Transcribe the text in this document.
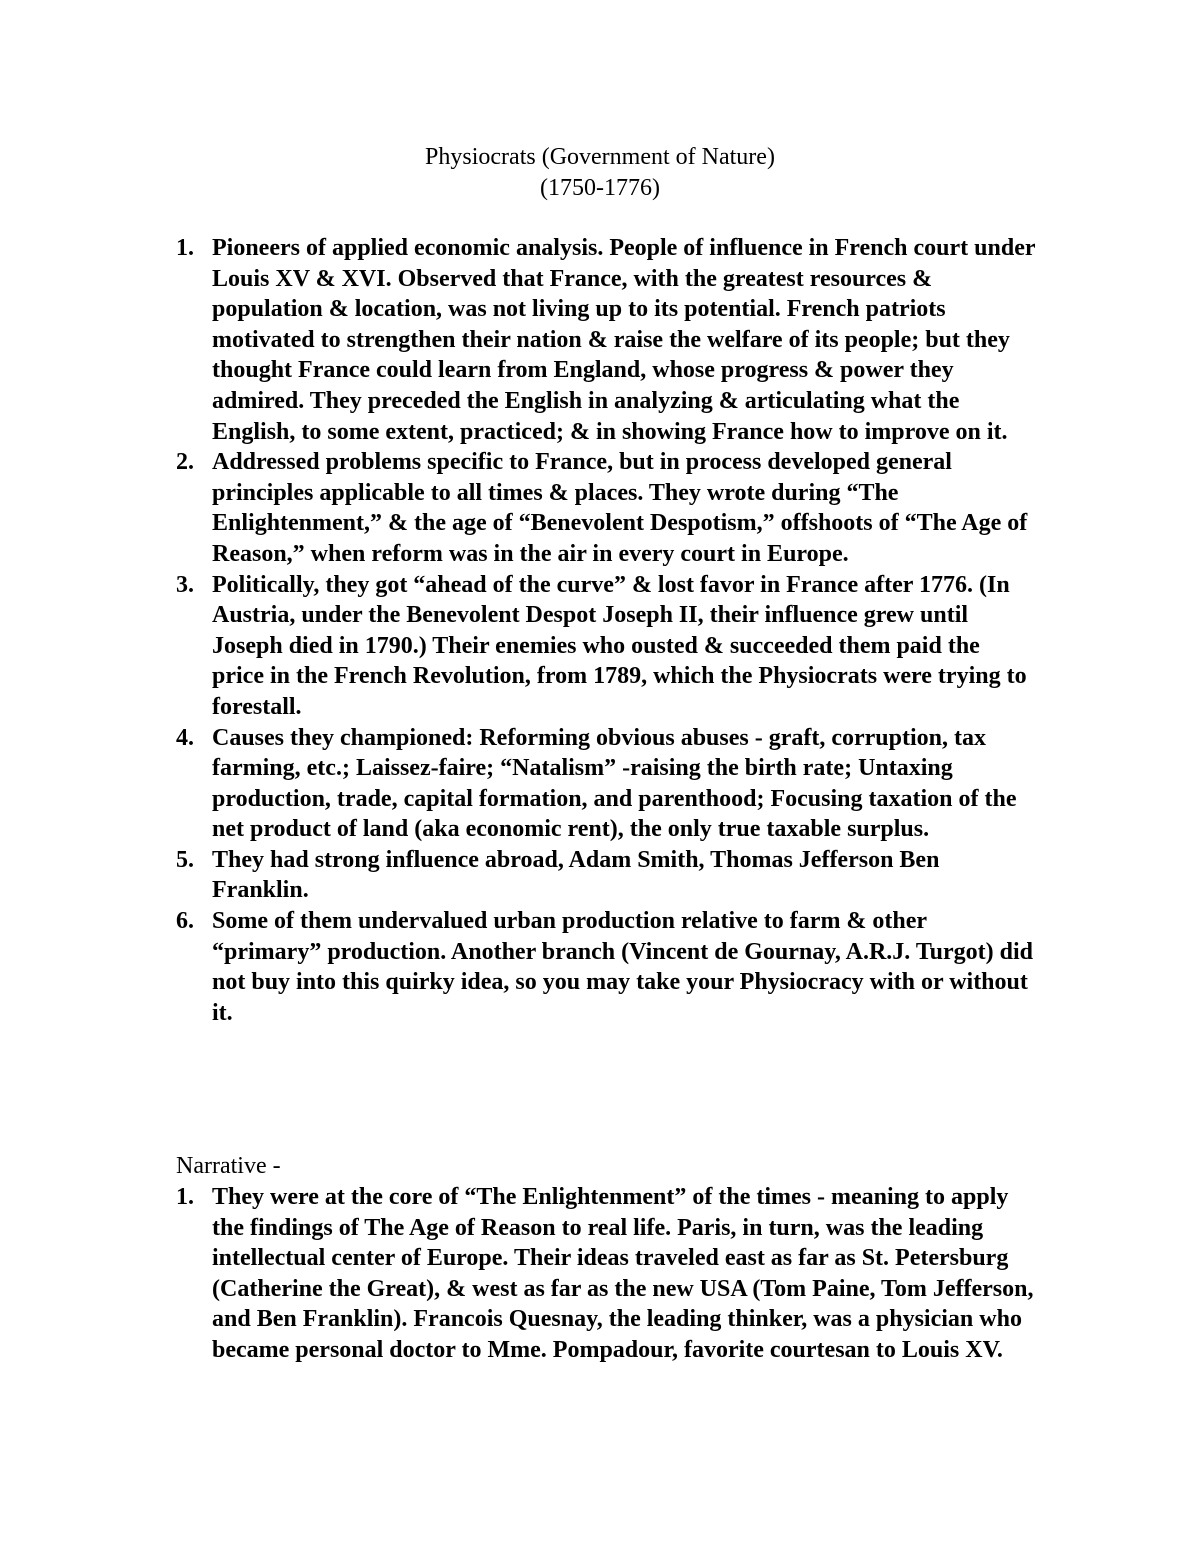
Physiocrats (Government of Nature)
(1750-1776)
1. Pioneers of applied economic analysis. People of influence in French court under Louis XV & XVI. Observed that France, with the greatest resources & population & location, was not living up to its potential. French patriots motivated to strengthen their nation & raise the welfare of its people; but they thought France could learn from England, whose progress & power they admired. They preceded the English in analyzing & articulating what the English, to some extent, practiced; & in showing France how to improve on it.
2. Addressed problems specific to France, but in process developed general principles applicable to all times & places. They wrote during “The Enlightenment,” & the age of “Benevolent Despotism,” offshoots of “The Age of Reason,” when reform was in the air in every court in Europe.
3. Politically, they got “ahead of the curve” & lost favor in France after 1776. (In Austria, under the Benevolent Despot Joseph II, their influence grew until Joseph died in 1790.) Their enemies who ousted & succeeded them paid the price in the French Revolution, from 1789, which the Physiocrats were trying to forestall.
4. Causes they championed: Reforming obvious abuses - graft, corruption, tax farming, etc.; Laissez-faire; “Natalism” -raising the birth rate; Untaxing production, trade, capital formation, and parenthood; Focusing taxation of the net product of land (aka economic rent), the only true taxable surplus.
5. They had strong influence abroad, Adam Smith, Thomas Jefferson Ben Franklin.
6. Some of them undervalued urban production relative to farm & other “primary” production. Another branch (Vincent de Gournay, A.R.J. Turgot) did not buy into this quirky idea, so you may take your Physiocracy with or without it.
Narrative -
1. They were at the core of “The Enlightenment” of the times - meaning to apply the findings of The Age of Reason to real life. Paris, in turn, was the leading intellectual center of Europe. Their ideas traveled east as far as St. Petersburg (Catherine the Great), & west as far as the new USA (Tom Paine, Tom Jefferson, and Ben Franklin). Francois Quesnay, the leading thinker, was a physician who became personal doctor to Mme. Pompadour, favorite courtesan to Louis XV.
